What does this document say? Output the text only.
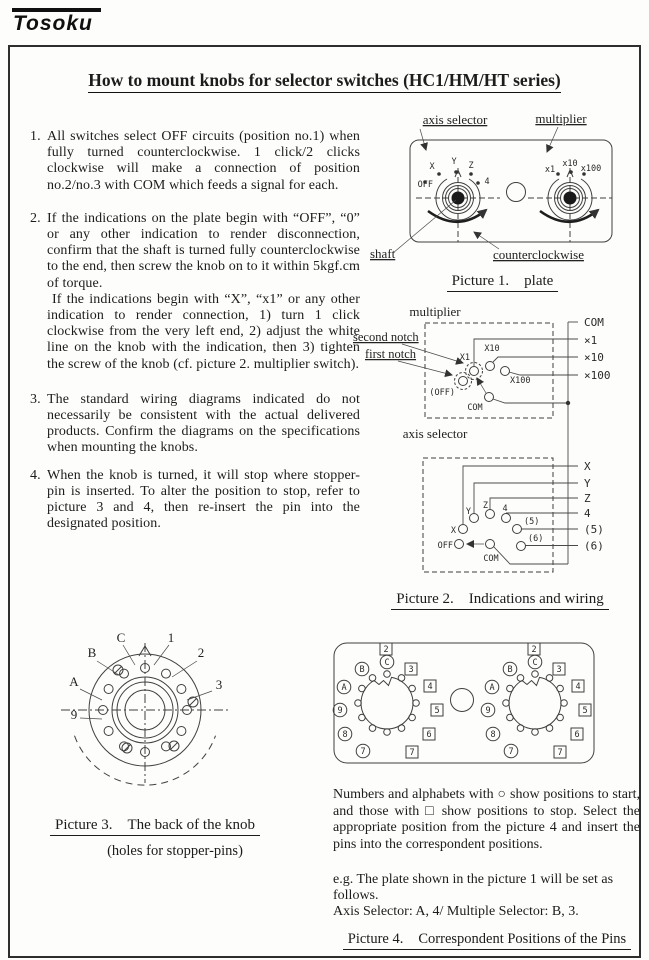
Tosoku
How to mount knobs for selector switches (HC1/HM/HT series)
1. All switches select OFF circuits (position no.1) when fully turned counterclockwise. 1 click/2 clicks clockwise will make a connection of position no.2/no.3 with COM which feeds a signal for each.

2. If the indications on the plate begin with “OFF”, “0” or any other indication to render disconnection, confirm that the shaft is turned fully counterclockwise to the end, then screw the knob on to it within 5kgf.cm of torque.

If the indications begin with “X”, “x1” or any other indication to render connection, 1) turn 1 click clockwise from the very left end, 2) adjust the white line on the knob with the indication, then 3) tighten the screw of the knob (cf. picture 2. multiplier switch).

3. The standard wiring diagrams indicated do not necessarily be consistent with the actual delivered products. Confirm the diagrams on the specifications when mounting the knobs.

4. When the knob is turned, it will stop where stopper-pin is inserted. To alter the position to stop, refer to picture 3 and 4, then re-insert the pin into the designated position.

axis selector	multiplier
OFF
X Y Z
4
x1
x10 x100
shaft	counterclockwise
Picture 1. plate
multiplier
X1
X10
X100
(OFF)
COM
second notch
first notch
COM
×1
×10
×100
axis selector
X
Y
Z 4
(5)
(6)
OFF
COM
X
Y
Z
4
(5)
(6)
Picture 2. Indications and wiring
C	1
B	2
A	3
9
Picture 3. The back of the knob
(holes for stopper-pins)
C
B
A
9
8
7
2
3
4
5
6
7
C
B
A
9
8
7
2
3
4
5
6
7

Numbers and alphabets with ○ show positions to start, and those with □ show positions to stop. Select the appropriate position from the picture 4 and insert the pins into the correspondent positions.

e.g. The plate shown in the picture 1 will be set as follows.

Axis Selector: A, 4/ Multiple Selector: B, 3.

Picture 4. Correspondent Positions of the Pins
